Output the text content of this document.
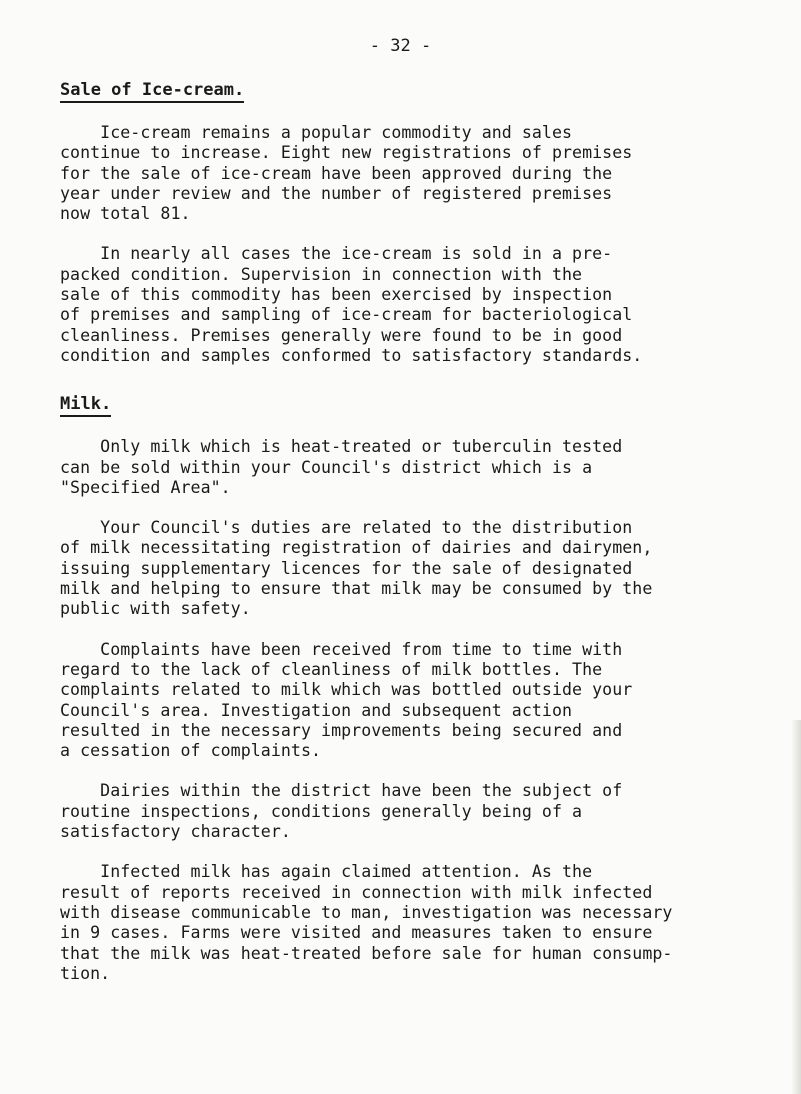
- 32 -
Sale of Ice-cream.

Ice-cream remains a popular commodity and sales
continue to increase. Eight new registrations of premises
for the sale of ice-cream have been approved during the
year under review and the number of registered premises
now total 81.

In nearly all cases the ice-cream is sold in a pre-
packed condition. Supervision in connection with the
sale of this commodity has been exercised by inspection
of premises and sampling of ice-cream for bacteriological
cleanliness. Premises generally were found to be in good
condition and samples conformed to satisfactory standards.

Milk.

Only milk which is heat-treated or tuberculin tested
can be sold within your Council's district which is a
"Specified Area".

Your Council's duties are related to the distribution
of milk necessitating registration of dairies and dairymen,
issuing supplementary licences for the sale of designated
milk and helping to ensure that milk may be consumed by the
public with safety.

Complaints have been received from time to time with
regard to the lack of cleanliness of milk bottles. The
complaints related to milk which was bottled outside your
Council's area. Investigation and subsequent action
resulted in the necessary improvements being secured and
a cessation of complaints.

Dairies within the district have been the subject of
routine inspections, conditions generally being of a
satisfactory character.

Infected milk has again claimed attention. As the
result of reports received in connection with milk infected
with disease communicable to man, investigation was necessary
in 9 cases. Farms were visited and measures taken to ensure
that the milk was heat-treated before sale for human consump-
tion.
